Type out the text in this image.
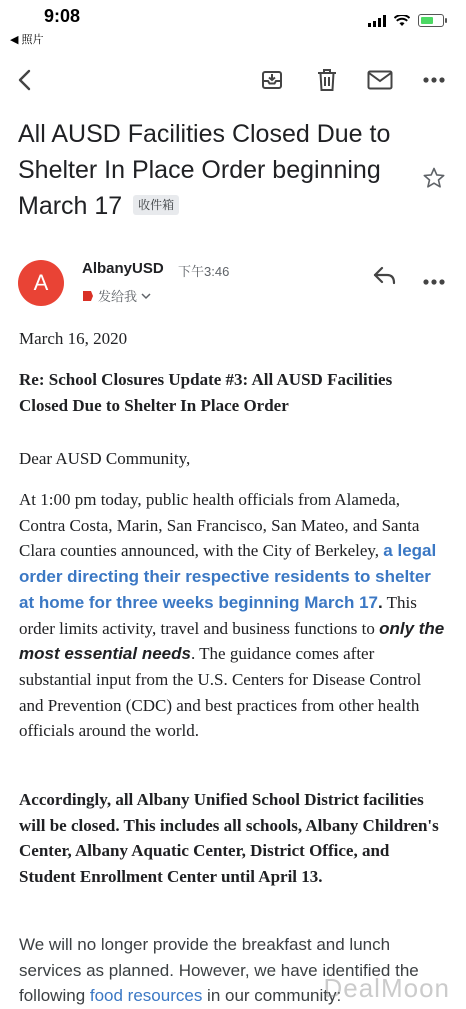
9:08
◀ 照片
All AUSD Facilities Closed Due to Shelter In Place Order beginning March 17 收件箱
A
AlbanyUSD 下午3:46
发给我

March 16, 2020

Re: School Closures Update #3: All AUSD Facilities Closed Due to Shelter In Place Order

Dear AUSD Community,

At 1:00 pm today, public health officials from Alameda, Contra Costa, Marin, San Francisco, San Mateo, and Santa Clara counties announced, with the City of Berkeley, a legal order directing their respective residents to shelter at home for three weeks beginning March 17. This order limits activity, travel and business functions to only the most essential needs. The guidance comes after substantial input from the U.S. Centers for Disease Control and Prevention (CDC) and best practices from other health officials around the world.

Accordingly, all Albany Unified School District facilities will be closed. This includes all schools, Albany Children's Center, Albany Aquatic Center, District Office, and Student Enrollment Center until April 13.

We will no longer provide the breakfast and lunch services as planned. However, we have identified the following food resources in our community:

DealMoon
